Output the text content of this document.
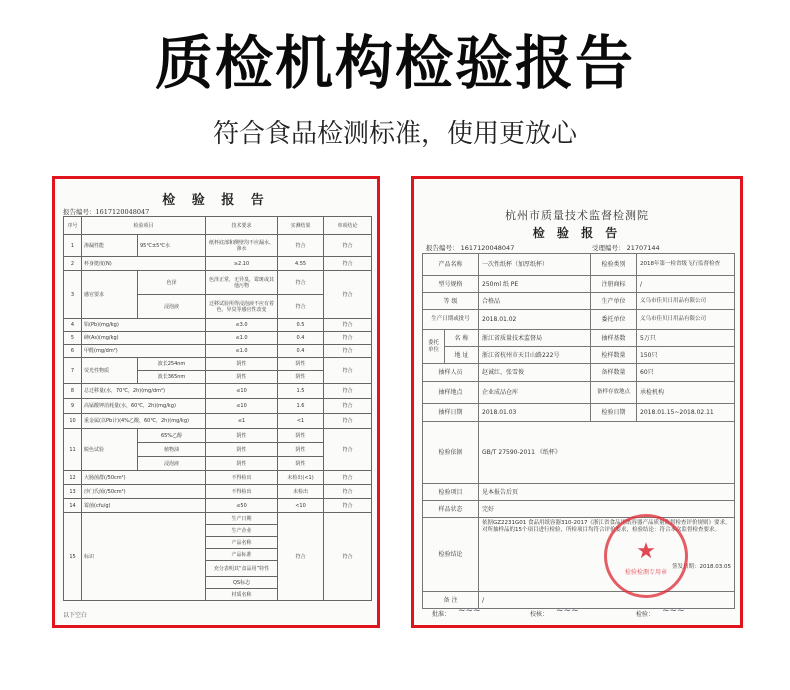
质检机构检验报告
符合食品检测标准，使用更放心
检 验 报 告
报告编号：1617120048047
序号	检验项目		技术要求	实测结果	单项结论
1	渗漏性能	95℃±5℃水	纸杯底部和侧壁均不应漏水、渗水	符合	符合
2	杯身挺度(N)		≥2.10	4.55	符合
3	感官要求	色泽	色泽正常，无异臭，霉斑或其他污物	符合	符合
		浸泡液	迁移试验所得浸泡液不应有着色、异臭等感官性改变	符合	
4	铅(Pb)(mg/kg)		≤3.0	0.5	符合
5	砷(As)(mg/kg)		≤1.0	0.4	符合
6	甲醛(mg/dm²)		≤1.0	0.4	符合
7	荧光性物质	波长254nm	阴性	阴性	符合
		波长365nm	阴性	阴性	
8	总迁移量(水，70℃，2h)(mg/dm²)		≤10	1.5	符合
9	高锰酸钾消耗量(水，60℃，2h)(mg/kg)		≤10	1.6	符合
10	重金属(以Pb计)(4%乙酸，60℃，2h)(mg/kg)		≤1	<1	符合
11	脱色试验	65%乙醇	阴性	阴性	符合
		植物油	阴性	阴性	
		浸泡液	阴性	阴性	
12	大肠菌群(/50cm²)		不得检出	未检出(<1)	符合
13	沙门氏菌(/50cm²)		不得检出	未检出	符合
14	霉菌(cfu/g)		≤50	<10	符合
15	标识		生产日期	符合	符合
			生产企业		
			产品名称		
			产品标准		
			充分表明其“食品用”特性		
			QS标志		
			材质名称		
以下空白
杭州市质量技术监督检测院
检 验 报 告
报告编号： 1617120048047	受理编号： 21707144
产品名称		一次性纸杯（加厚纸杯）	检验类别	2018年第一检省级飞行监督检查
型号规格		250ml 纸 PE	注册商标	/
等 级		合格品	生产单位	义乌市佳贝日用品有限公司
生产日期或批号		2018.01.02	委托单位	义乌市佳贝日用品有限公司
委托单位	名 称	浙江省质量技术监督局	抽样基数	5万只
	地 址	浙江省杭州市天目山路222号	检样数量	150只
抽样人员		赵诚红、张雪俊	备样数量	60只
抽样地点		企业成品仓库	备样存放地点	承检机构
抽样日期		2018.01.03	检验日期	2018.01.15~2018.02.11
检验依据		GB/T 27590-2011 《纸杯》		
检验项目		见本报告后页		
样品状态		完好		
检验结论		依据GZ2231G01 食品用纸容器310-2017《浙江省食品用纸容器产品质量监督检查评价规则》要求，对所抽样品的15个项目进行检验，所检项目均符合评价要求，检验结论：符合本次监督检查要求。
签发日期：2018.03.05		

备 注		/		
★
检验检测专用章
批准： ~~~	校核： ~~~	检验： ~~~
